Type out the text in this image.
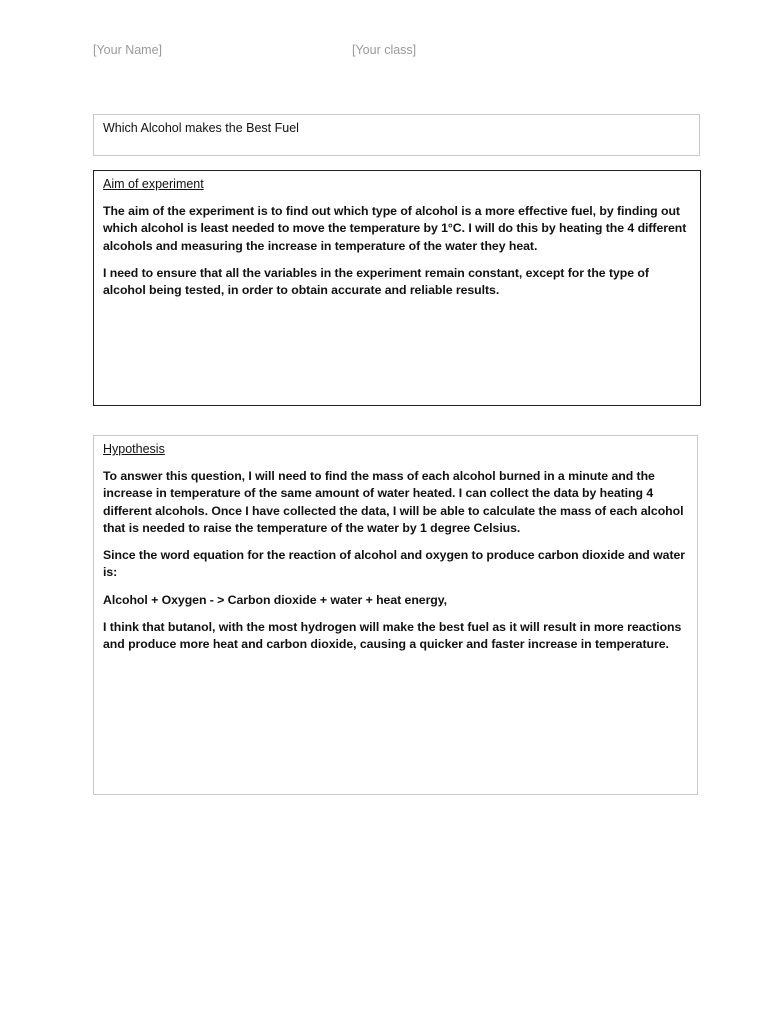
[Your Name]	[Your class]
Which Alcohol makes the Best Fuel
Aim of experiment

The aim of the experiment is to find out which type of alcohol is a more effective fuel, by finding out which alcohol is least needed to move the temperature by 1°C. I will do this by heating the 4 different alcohols and measuring the increase in temperature of the water they heat.

I need to ensure that all the variables in the experiment remain constant, except for the type of alcohol being tested, in order to obtain accurate and reliable results.

Hypothesis

To answer this question, I will need to find the mass of each alcohol burned in a minute and the increase in temperature of the same amount of water heated. I can collect the data by heating 4 different alcohols. Once I have collected the data, I will be able to calculate the mass of each alcohol that is needed to raise the temperature of the water by 1 degree Celsius.

Since the word equation for the reaction of alcohol and oxygen to produce carbon dioxide and water is:

Alcohol + Oxygen - > Carbon dioxide + water + heat energy,

I think that butanol, with the most hydrogen will make the best fuel as it will result in more reactions and produce more heat and carbon dioxide, causing a quicker and faster increase in temperature.
